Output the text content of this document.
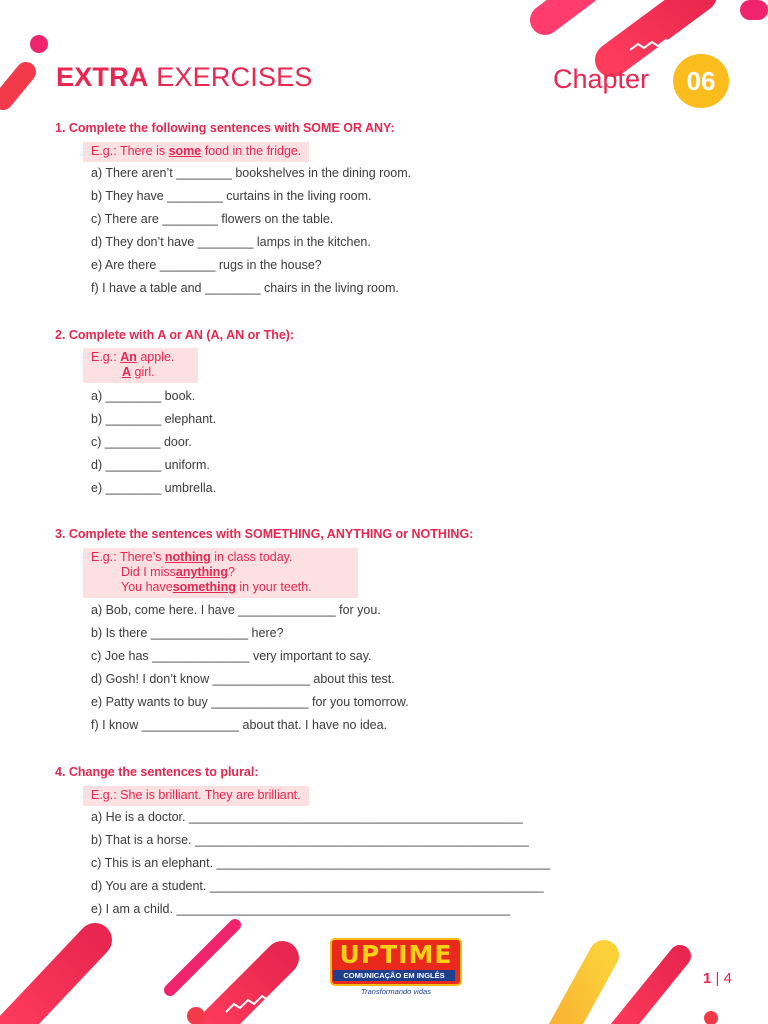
EXTRA EXERCISES	Chapter	06
1. Complete the following sentences with SOME OR ANY:
E.g.: There is some food in the fridge.
a) There aren’t ________ bookshelves in the dining room.
b) They have ________ curtains in the living room.
c) There are ________ flowers on the table.
d) They don’t have ________ lamps in the kitchen.
e) Are there ________ rugs in the house?
f) I have a table and ________ chairs in the living room.
2. Complete with A or AN (A, AN or The):
E.g.: An apple.
A girl.
a) ________ book.
b) ________ elephant.
c) ________ door.
d) ________ uniform.
e) ________ umbrella.
3. Complete the sentences with SOMETHING, ANYTHING or NOTHING:
E.g.: There’s nothing in class today.
Did I missanything?
You havesomething in your teeth.
a) Bob, come here. I have ______________ for you.
b) Is there ______________ here?
c) Joe has ______________ very important to say.
d) Gosh! I don’t know ______________ about this test.
e) Patty wants to buy ______________ for you tomorrow.
f) I know ______________ about that. I have no idea.
4. Change the sentences to plural:
E.g.: She is brilliant. They are brilliant.
a) He is a doctor. ________________________________________________
b) That is a horse. ________________________________________________
c) This is an elephant. ________________________________________________
d) You are a student. ________________________________________________
e) I am a child. ________________________________________________
UPTIME
COMUNICAÇÃO EM INGLÊS
Transformando vidas
1 | 4
